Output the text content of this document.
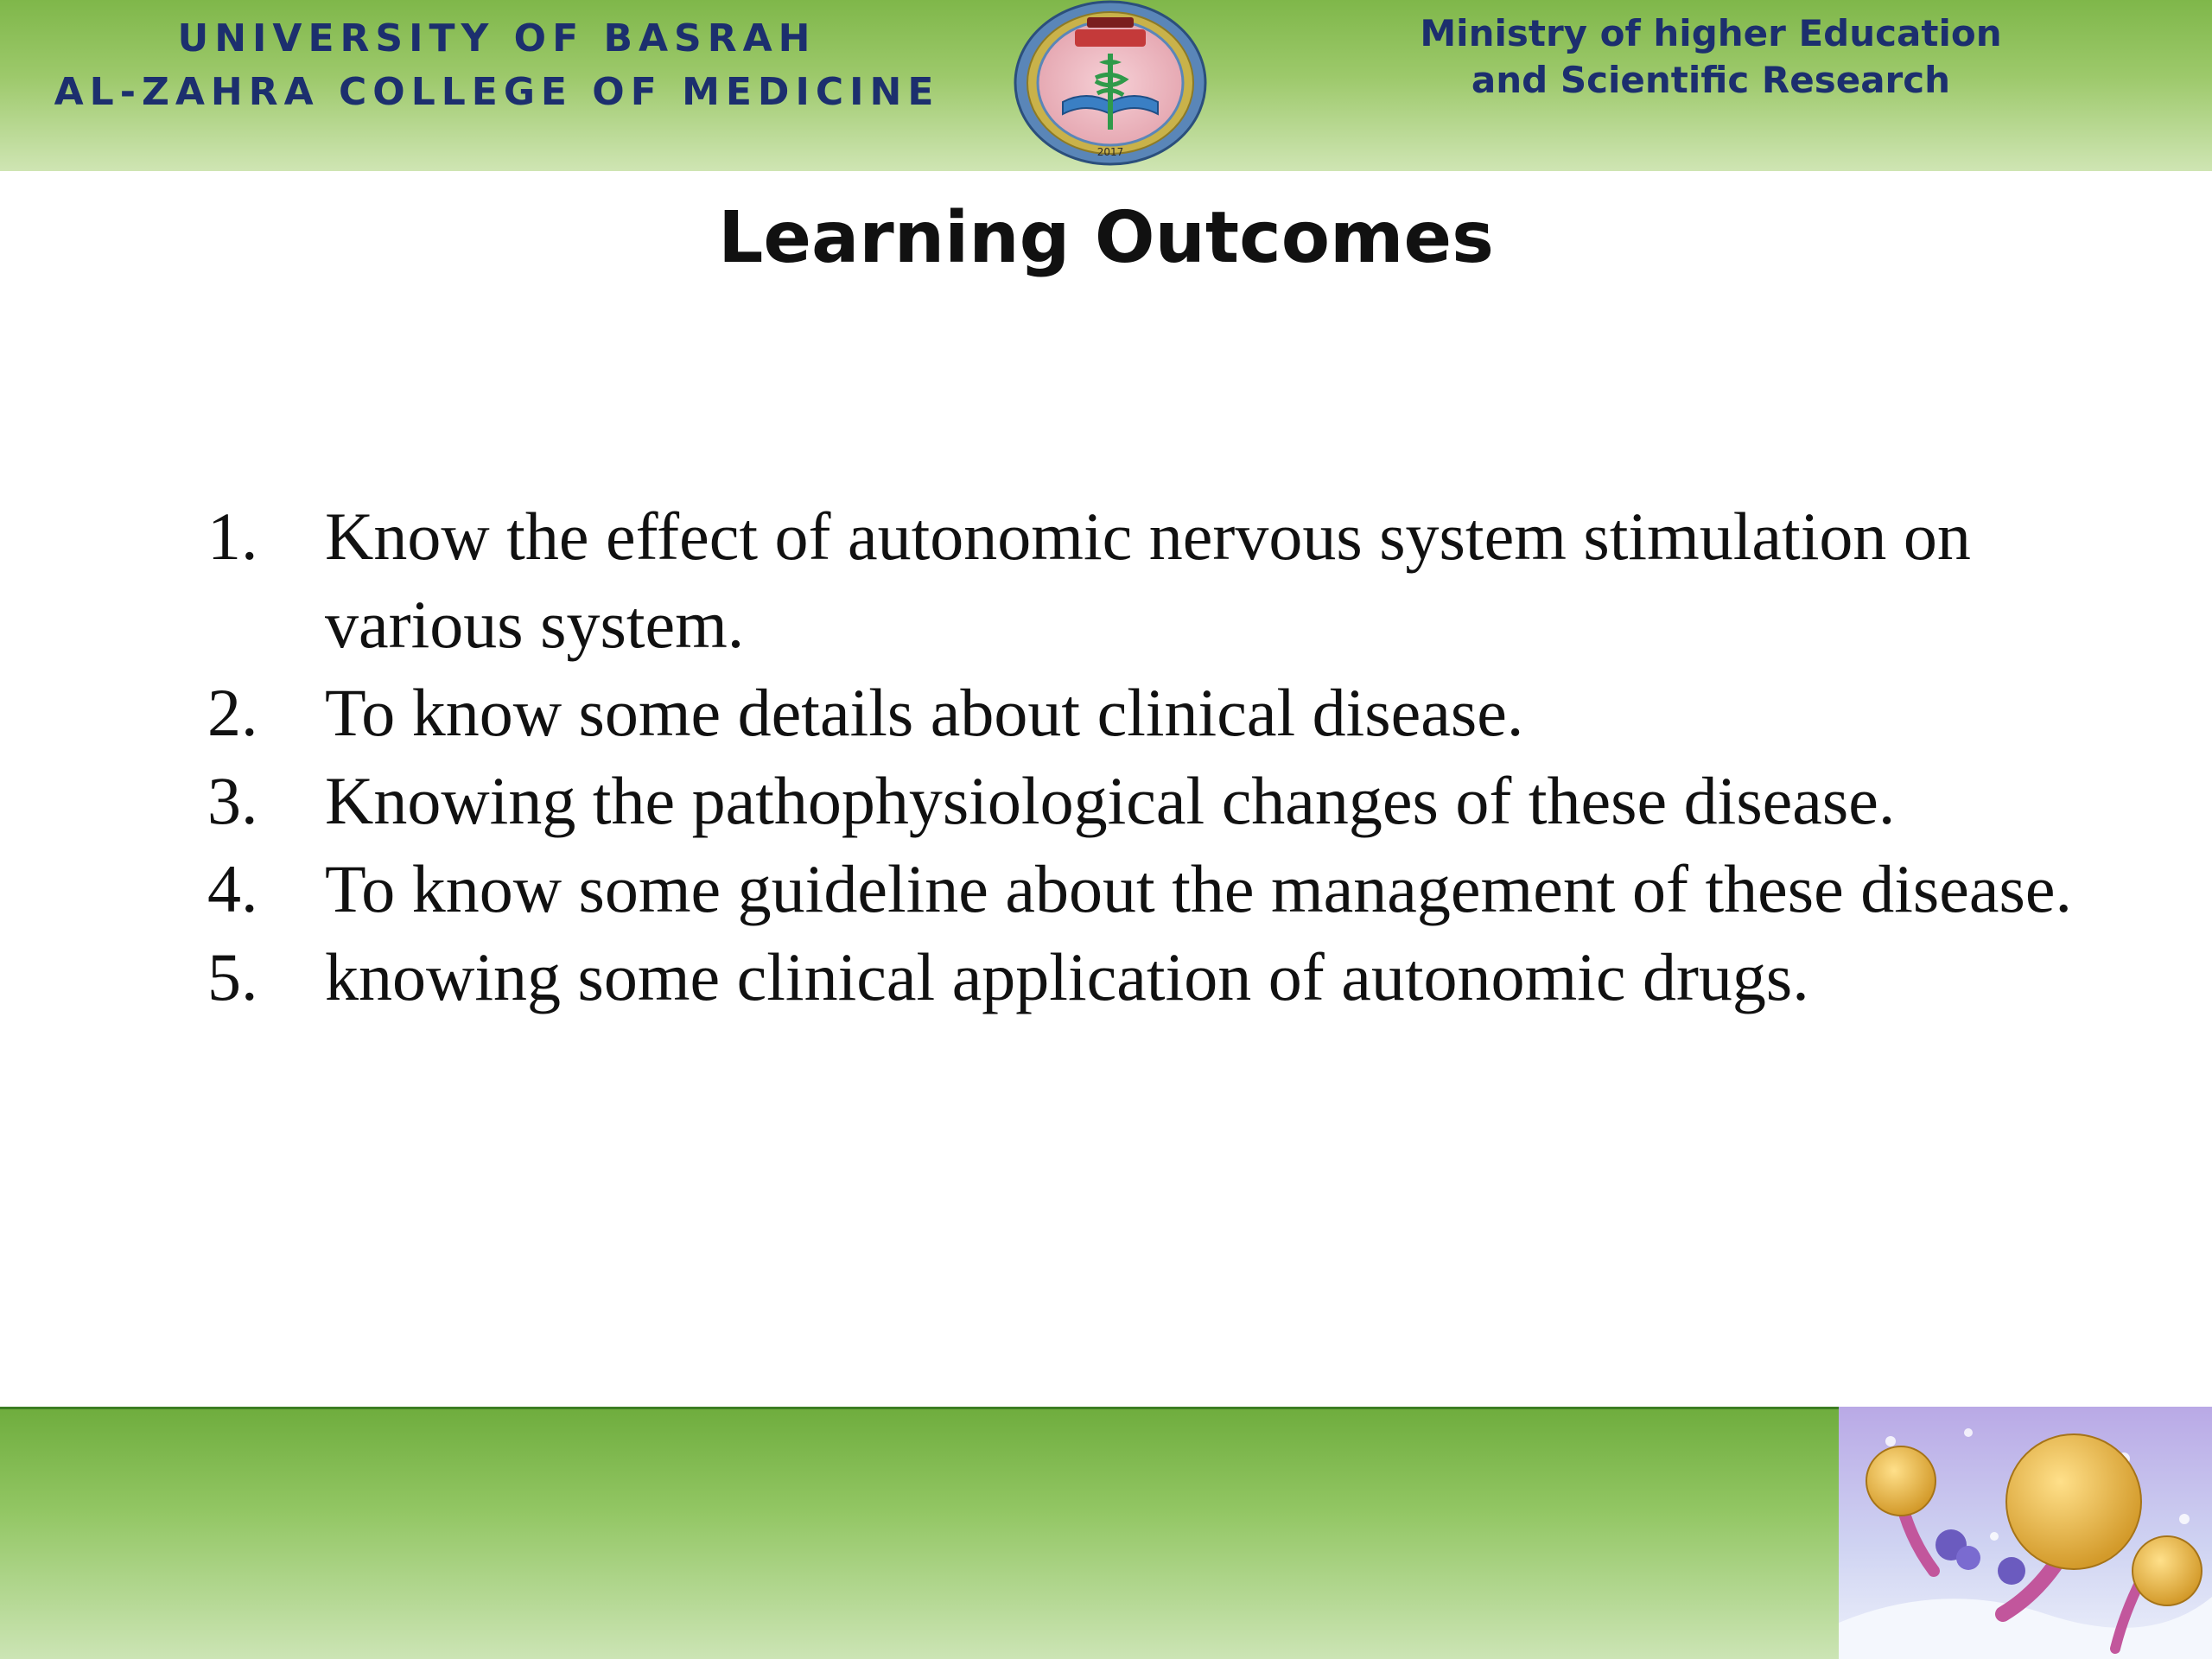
UNIVERSITY OF BASRAH
AL-ZAHRA COLLEGE OF MEDICINE
2017
Ministry of higher Education
and Scientific Research
Learning Outcomes
1. Know the effect of autonomic nervous system stimulation on various system.
2. To know some details about clinical disease.
3. Knowing the pathophysiological changes of these disease.
4. To know some guideline about the management of these disease.
5. knowing some clinical application of autonomic drugs.
